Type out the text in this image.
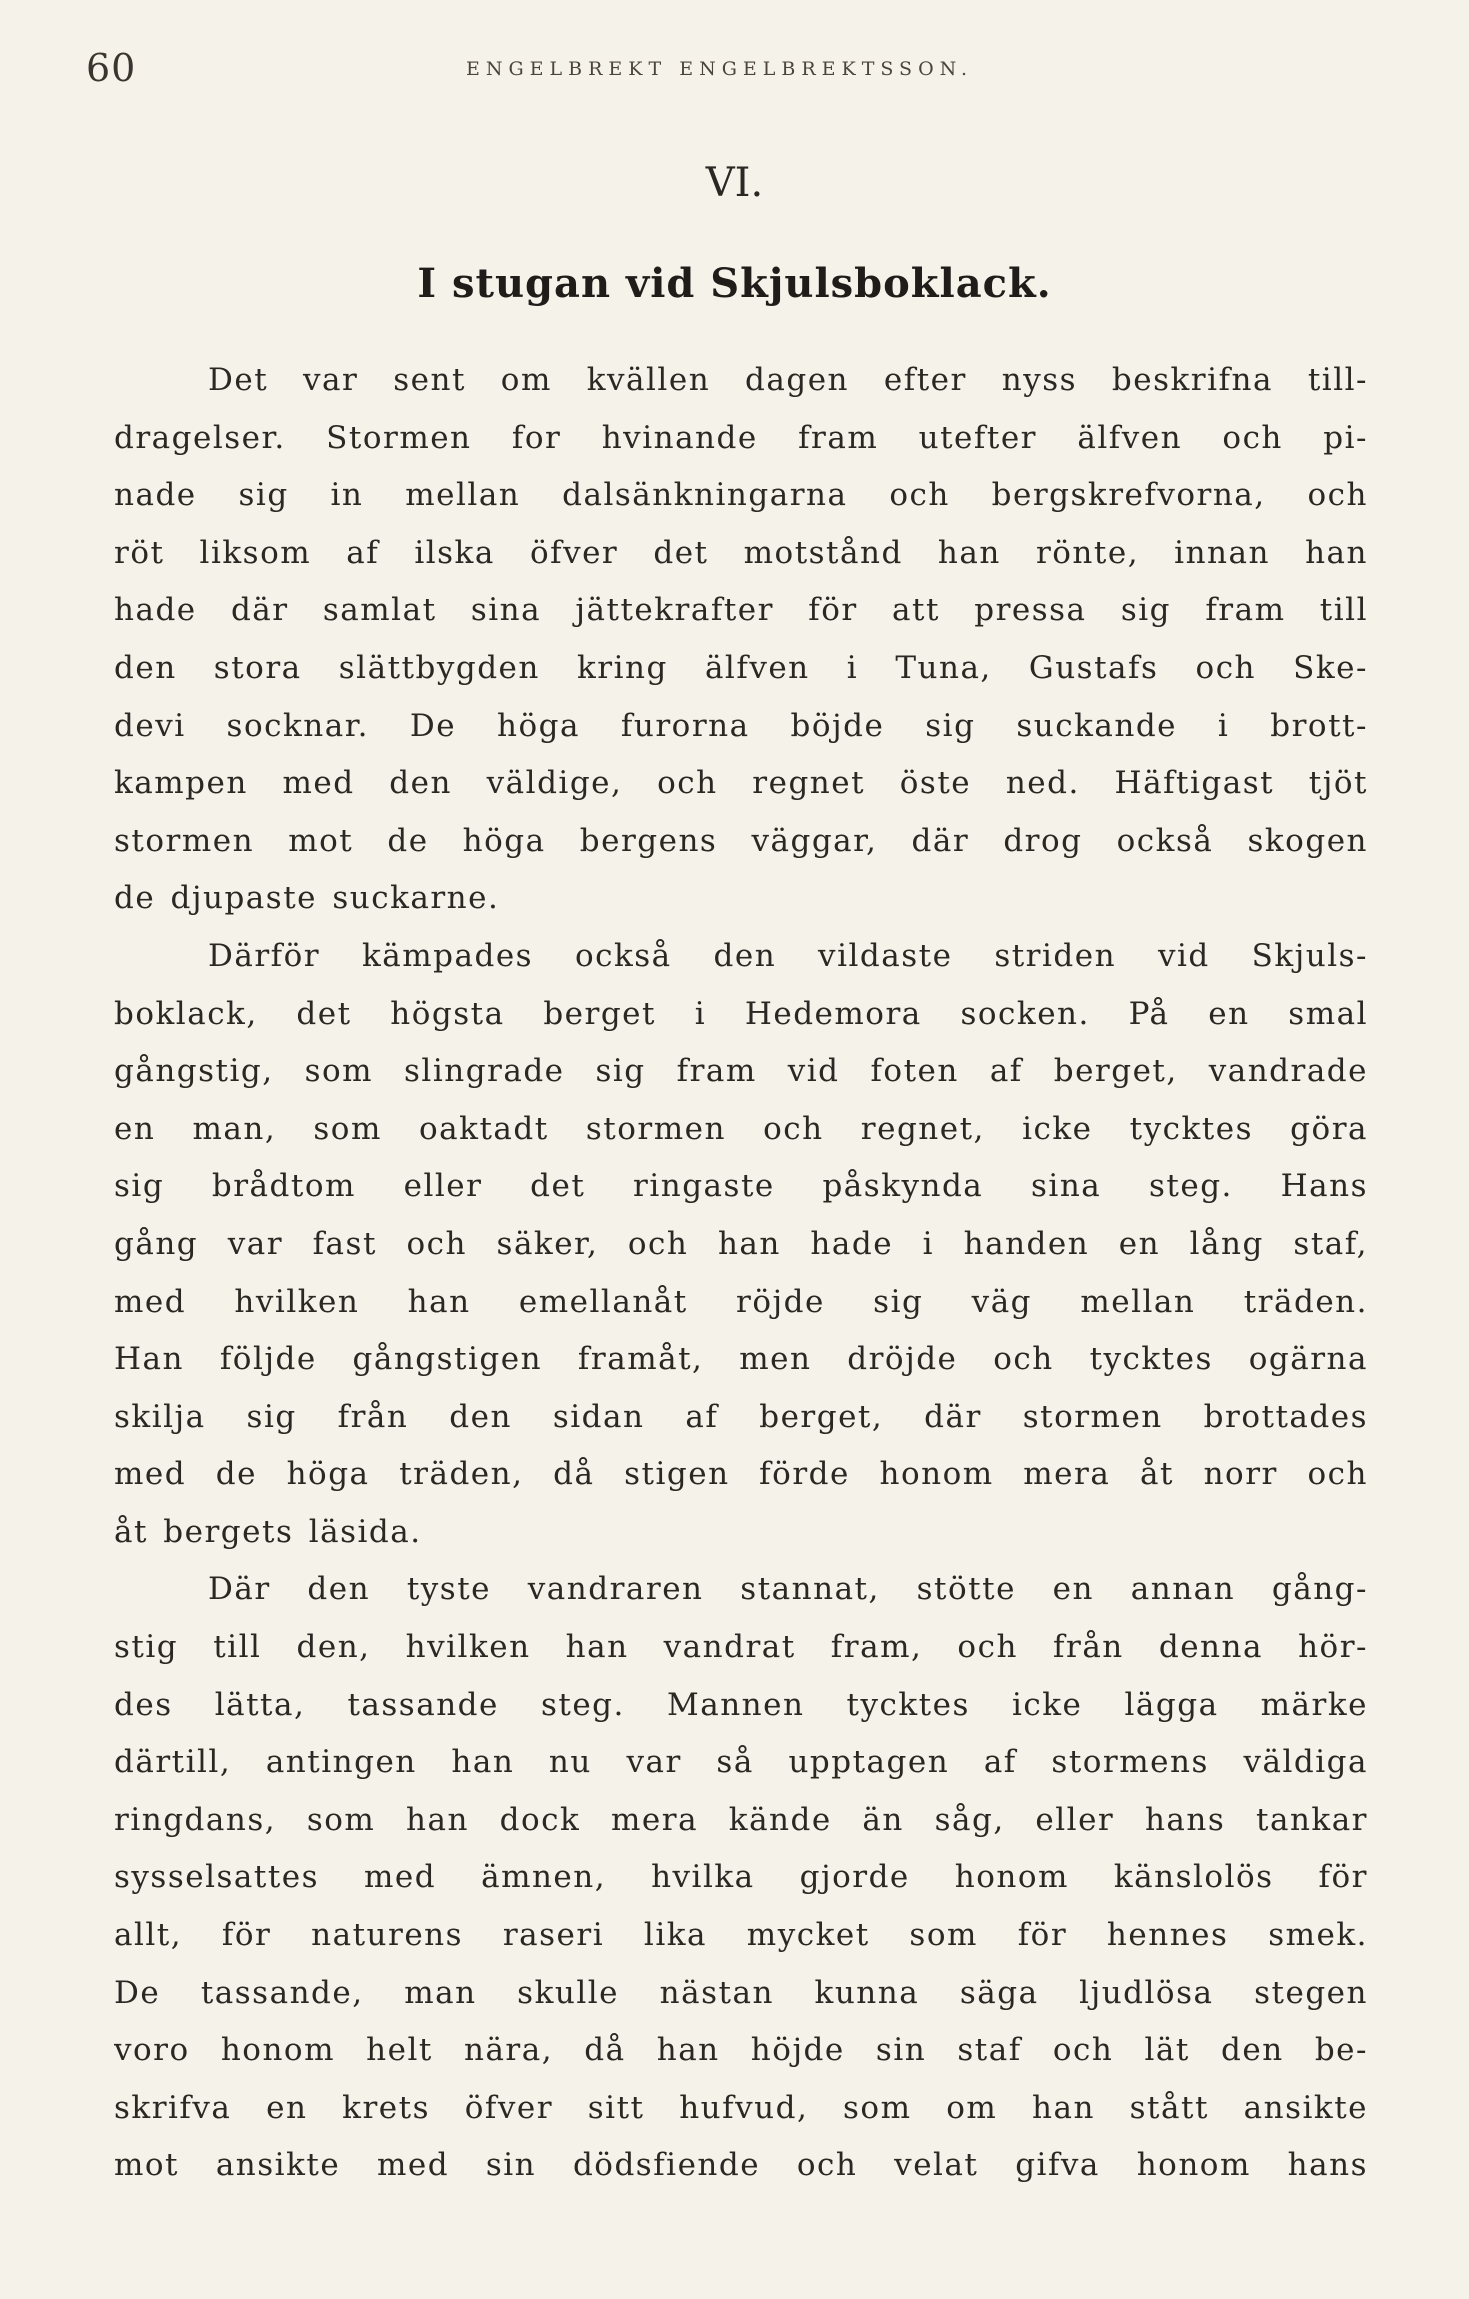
60	ENGELBREKT ENGELBREKTSSON.
VI.
I stugan vid Skjulsboklack.
Det var sent om kvällen dagen efter nyss beskrifna till-
dragelser. Stormen for hvinande fram utefter älfven och pi-
nade sig in mellan dalsänkningarna och bergskrefvorna, och
röt liksom af ilska öfver det motstånd han rönte, innan han
hade där samlat sina jättekrafter för att pressa sig fram till
den stora slättbygden kring älfven i Tuna, Gustafs och Ske-
devi socknar. De höga furorna böjde sig suckande i brott-
kampen med den väldige, och regnet öste ned. Häftigast tjöt
stormen mot de höga bergens väggar, där drog också skogen
de djupaste suckarne.
Därför kämpades också den vildaste striden vid Skjuls-
boklack, det högsta berget i Hedemora socken. På en smal
gångstig, som slingrade sig fram vid foten af berget, vandrade
en man, som oaktadt stormen och regnet, icke tycktes göra
sig brådtom eller det ringaste påskynda sina steg. Hans
gång var fast och säker, och han hade i handen en lång staf,
med hvilken han emellanåt röjde sig väg mellan träden.
Han följde gångstigen framåt, men dröjde och tycktes ogärna
skilja sig från den sidan af berget, där stormen brottades
med de höga träden, då stigen förde honom mera åt norr och
åt bergets läsida.
Där den tyste vandraren stannat, stötte en annan gång-
stig till den, hvilken han vandrat fram, och från denna hör-
des lätta, tassande steg. Mannen tycktes icke lägga märke
därtill, antingen han nu var så upptagen af stormens väldiga
ringdans, som han dock mera kände än såg, eller hans tankar
sysselsattes med ämnen, hvilka gjorde honom känslolös för
allt, för naturens raseri lika mycket som för hennes smek.
De tassande, man skulle nästan kunna säga ljudlösa stegen
voro honom helt nära, då han höjde sin staf och lät den be-
skrifva en krets öfver sitt hufvud, som om han stått ansikte
mot ansikte med sin dödsfiende och velat gifva honom hans
